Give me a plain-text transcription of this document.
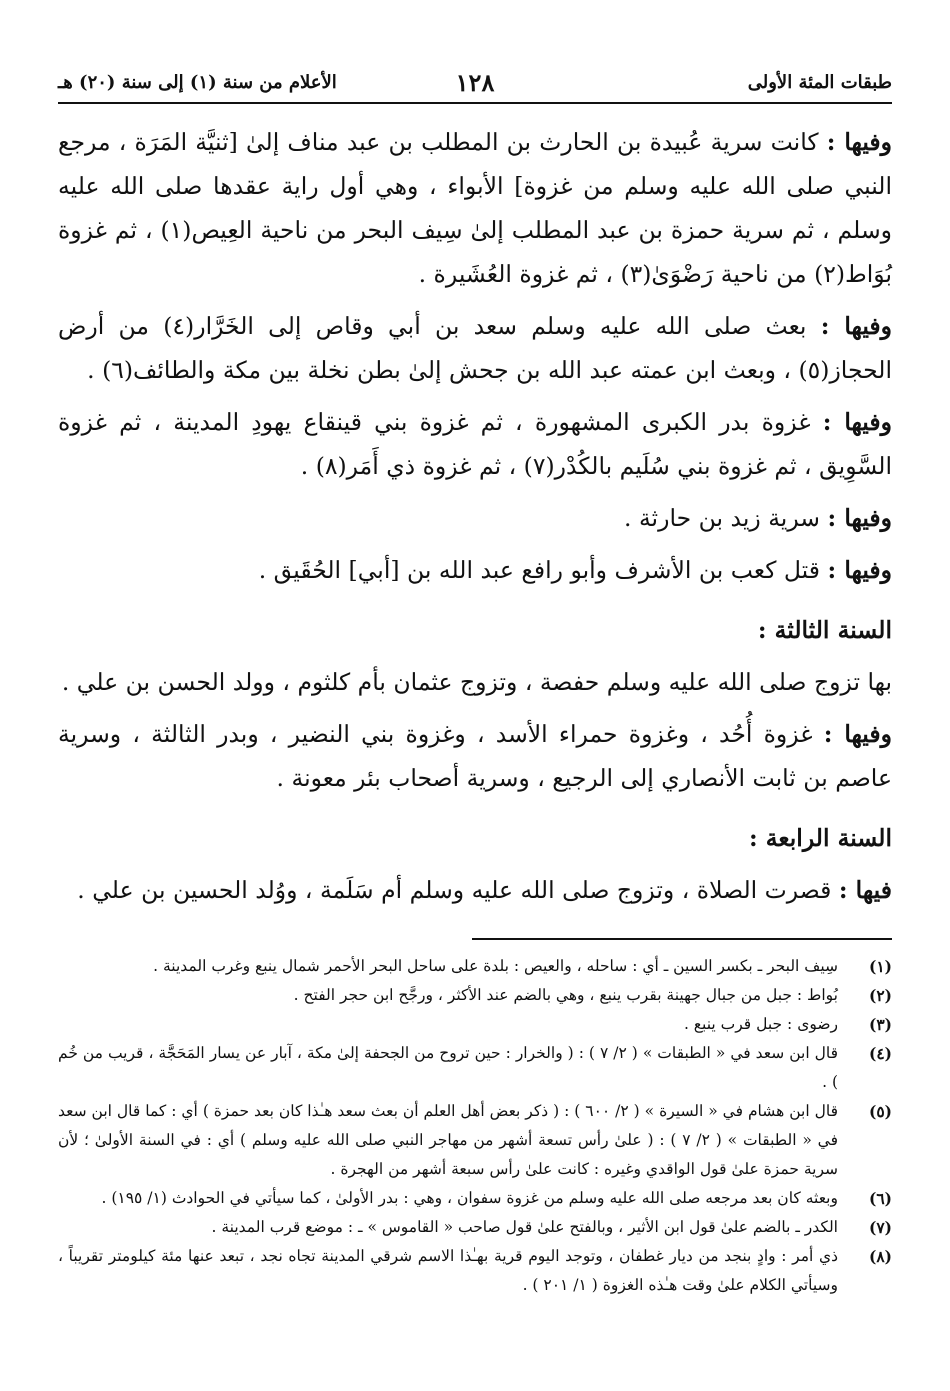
طبقات المئة الأولى
١٢٨
الأعلام من سنة (١) إلى سنة (٢٠) هـ

وفيها : كانت سرية عُبيدة بن الحارث بن المطلب بن عبد مناف إلىٰ [ثنيَّة المَرَة ، مرجع النبي صلى الله عليه وسلم من غزوة] الأبواء ، وهي أول راية عقدها صلى الله عليه وسلم ، ثم سرية حمزة بن عبد المطلب إلىٰ سِيف البحر من ناحية العِيص(١) ، ثم غزوة بُوَاط(٢) من ناحية رَضْوَىٰ(٣) ، ثم غزوة العُشَيرة .

وفيها : بعث صلى الله عليه وسلم سعد بن أبي وقاص إلى الخَرَّار(٤) من أرض الحجاز(٥) ، وبعث ابن عمته عبد الله بن جحش إلىٰ بطن نخلة بين مكة والطائف(٦) .

وفيها : غزوة بدر الكبرى المشهورة ، ثم غزوة بني قينقاع يهودِ المدينة ، ثم غزوة السَّوِيق ، ثم غزوة بني سُلَيم بالكُدْر(٧) ، ثم غزوة ذي أَمَر(٨) .

وفيها : سرية زيد بن حارثة .

وفيها : قتل كعب بن الأشرف وأبو رافع عبد الله بن [أبي] الحُقَيق .

السنة الثالثة :

بها تزوج صلى الله عليه وسلم حفصة ، وتزوج عثمان بأم كلثوم ، وولد الحسن بن علي .

وفيها : غزوة أُحُد ، وغزوة حمراء الأسد ، وغزوة بني النضير ، وبدر الثالثة ، وسرية عاصم بن ثابت الأنصاري إلى الرجيع ، وسرية أصحاب بئر معونة .

السنة الرابعة :

فيها : قصرت الصلاة ، وتزوج صلى الله عليه وسلم أم سَلَمة ، ووُلد الحسين بن علي .

(١)
سِيف البحر ـ بكسر السين ـ أي : ساحله ، والعيص : بلدة على ساحل البحر الأحمر شمال ينبع وغرب المدينة .
(٢)
بُواط : جبل من جبال جهينة بقرب ينبع ، وهي بالضم عند الأكثر ، ورجَّح ابن حجر الفتح .
(٣)
رضوى : جبل قرب ينبع .
(٤)
قال ابن سعد في « الطبقات » ( ٢/ ٧ ) : ( والخرار : حين تروح من الجحفة إلىٰ مكة ، آبار عن يسار المَحَجَّة ، قريب من خُم ) .
(٥)
قال ابن هشام في « السيرة » ( ٢/ ٦٠٠ ) : ( ذكر بعض أهل العلم أن بعث سعد هـٰذا كان بعد حمزة ) أي : كما قال ابن سعد في « الطبقات » ( ٢/ ٧ ) : ( علىٰ رأس تسعة أشهر من مهاجر النبي صلى الله عليه وسلم ) أي : في السنة الأولىٰ ؛ لأن سرية حمزة علىٰ قول الواقدي وغيره : كانت علىٰ رأس سبعة أشهر من الهجرة .
(٦)
وبعثه كان بعد مرجعه صلى الله عليه وسلم من غزوة سفوان ، وهي : بدر الأولىٰ ، كما سيأتي في الحوادث (١/ ١٩٥) .
(٧)
الكدر ـ بالضم علىٰ قول ابن الأثير ، وبالفتح علىٰ قول صاحب « القاموس » ـ : موضع قرب المدينة .
(٨)
ذي أمر : وادٍ بنجد من ديار غطفان ، وتوجد اليوم قرية بهـٰذا الاسم شرقي المدينة تجاه نجد ، تبعد عنها مئة كيلومتر تقريباً ، وسيأتي الكلام علىٰ وقت هـٰذه الغزوة ( ١/ ٢٠١ ) .
